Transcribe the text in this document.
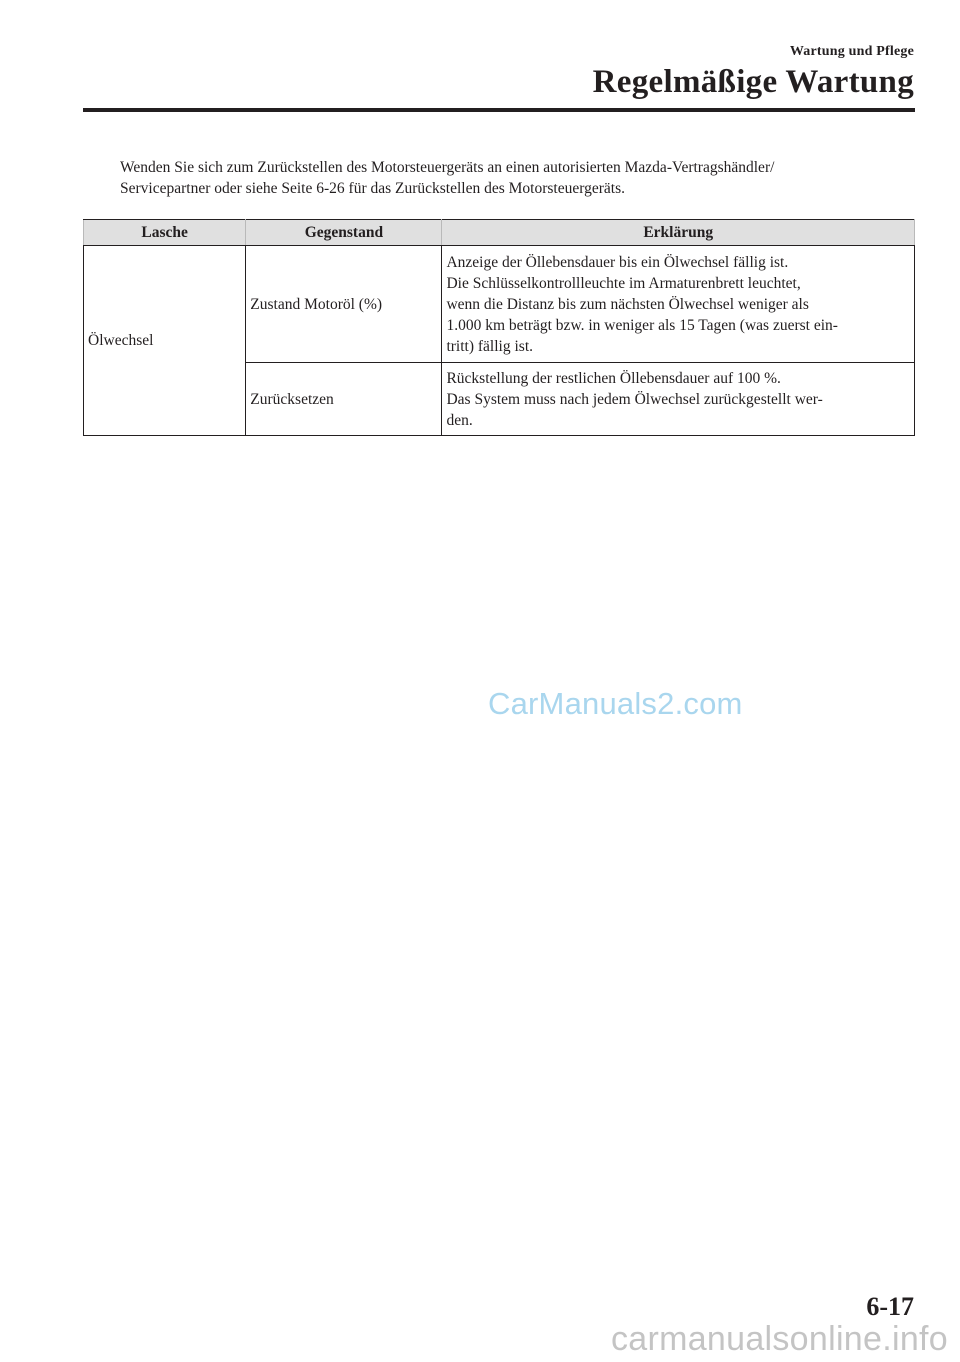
Wartung und Pflege
Regelmäßige Wartung
Wenden Sie sich zum Zurückstellen des Motorsteuergeräts an einen autorisierten Mazda-Vertragshändler/
Servicepartner oder siehe Seite 6-26 für das Zurückstellen des Motorsteuergeräts.
Lasche	Gegenstand	Erklärung
Ölwechsel	Zustand Motoröl (%)	Anzeige der Öllebensdauer bis ein Ölwechsel fällig ist.
Die Schlüsselkontrollleuchte im Armaturenbrett leuchtet,
wenn die Distanz bis zum nächsten Ölwechsel weniger als
1.000 km beträgt bzw. in weniger als 15 Tagen (was zuerst ein-
tritt) fällig ist.

	Zurücksetzen	Rückstellung der restlichen Öllebensdauer auf 100 %.
Das System muss nach jedem Ölwechsel zurückgestellt wer-
den.
CarManuals2.com
6-17
carmanualsonline.info
